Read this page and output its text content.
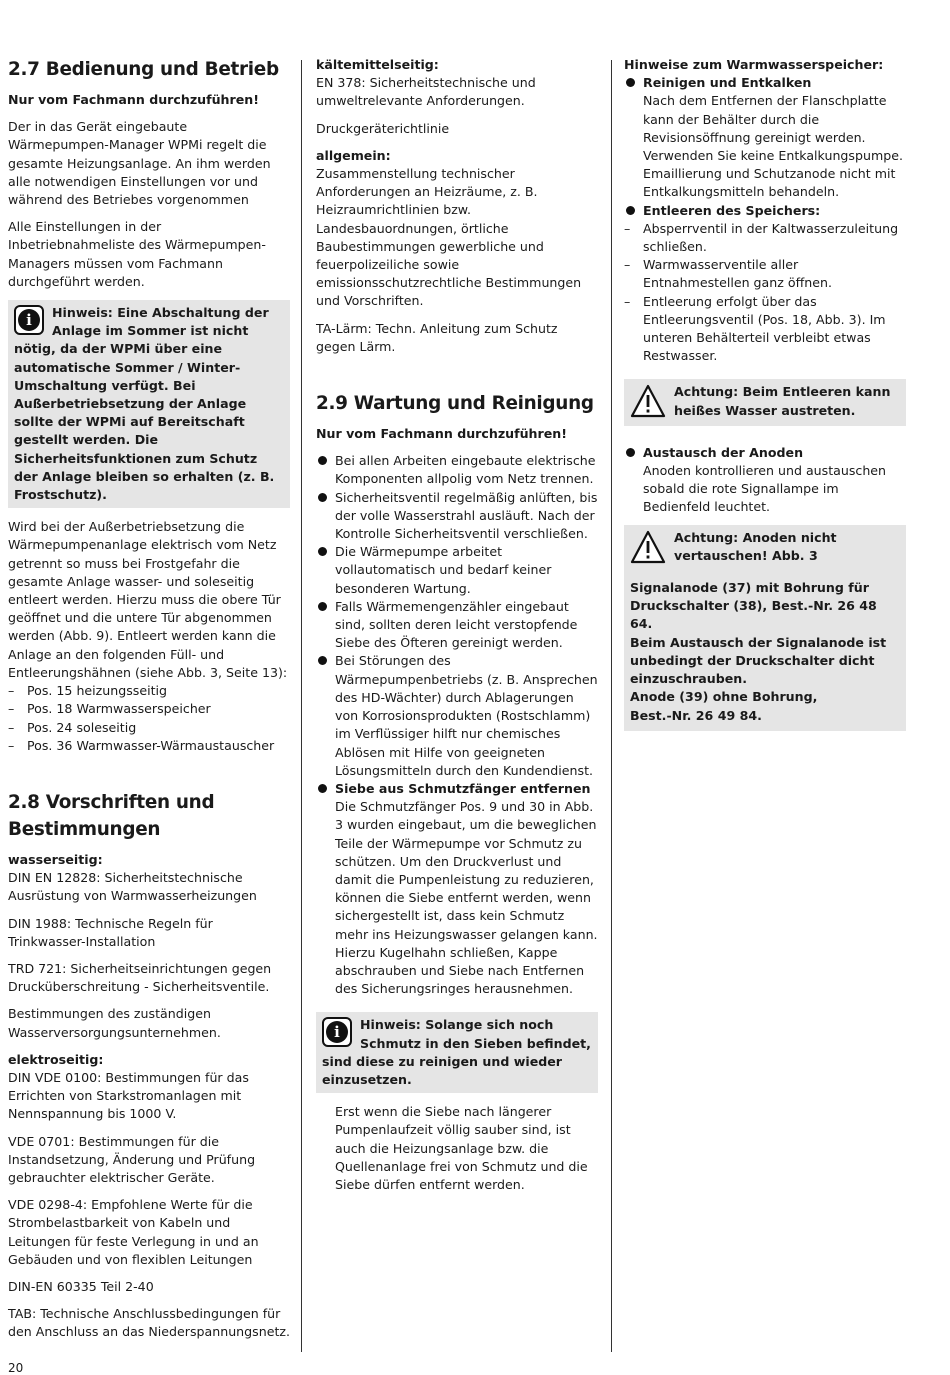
2.7 Bedienung und Betrieb

Nur vom Fachmann durchzuführen!

Der in das Gerät eingebaute Wärmepumpen-Manager WPMi regelt die gesamte Heizungsanlage. An ihm werden alle notwendigen Einstellungen vor und während des Betriebes vorgenommen

Alle Einstellungen in der Inbetriebnahmeliste des Wärmepumpen-Managers müssen vom Fachmann durchgeführt werden.

i	Hinweis: Eine Abschaltung der Anlage im Sommer ist nicht nötig, da der WPMi über eine automatische Sommer / Winter- Umschaltung verfügt. Bei Außerbetriebsetzung der Anlage sollte der WPMi auf Bereitschaft gestellt werden. Die Sicherheitsfunktionen zum Schutz der Anlage bleiben so erhalten (z. B. Frostschutz).

Wird bei der Außerbetriebsetzung die Wärmepumpenanlage elektrisch vom Netz getrennt so muss bei Frostgefahr die gesamte Anlage wasser- und soleseitig entleert werden. Hierzu muss die obere Tür geöffnet und die untere Tür abgenommen werden (Abb. 9). Entleert werden kann die Anlage an den folgenden Füll- und Entleerungshähnen (siehe Abb. 3, Seite 13):

– Pos. 15 heizungsseitig
– Pos. 18 Warmwasserspeicher
– Pos. 24 soleseitig
– Pos. 36 Warmwasser-Wärmaustauscher
2.8 Vorschriften und Bestimmungen

wasserseitig:

DIN EN 12828: Sicherheitstechnische Ausrüstung von Warmwasserheizungen

DIN 1988: Technische Regeln für Trinkwasser-Installation

TRD 721: Sicherheitseinrichtungen gegen Drucküberschreitung - Sicherheitsventile.

Bestimmungen des zuständigen Wasserversorgungsunternehmen.

elektroseitig:

DIN VDE 0100: Bestimmungen für das Errichten von Starkstromanlagen mit Nennspannung bis 1000 V.

VDE 0701: Bestimmungen für die Instandsetzung, Änderung und Prüfung gebrauchter elektrischer Geräte.

VDE 0298-4: Empfohlene Werte für die Strombelastbarkeit von Kabeln und Leitungen für feste Verlegung in und an Gebäuden und von flexiblen Leitungen

DIN-EN 60335 Teil 2-40

TAB: Technische Anschlussbedingungen für den Anschluss an das Niederspannungsnetz.

kältemittelseitig:

EN 378: Sicherheitstechnische und umweltrelevante Anforderungen.

Druckgeräterichtlinie

allgemein:

Zusammenstellung technischer Anforderungen an Heizräume, z. B. Heizraumrichtlinien bzw. Landesbauordnungen, örtliche Baubestimmungen gewerbliche und feuerpolizeiliche sowie emissionsschutzrechtliche Bestimmungen und Vorschriften.

TA-Lärm: Techn. Anleitung zum Schutz gegen Lärm.

2.9 Wartung und Reinigung

Nur vom Fachmann durchzuführen!

Bei allen Arbeiten eingebaute elektrische Komponenten allpolig vom Netz trennen.
Sicherheitsventil regelmäßig anlüften, bis der volle Wasserstrahl ausläuft. Nach der Kontrolle Sicherheitsventil verschließen.
Die Wärmepumpe arbeitet vollautomatisch und bedarf keiner besonderen Wartung.
Falls Wärmemengenzähler eingebaut sind, sollten deren leicht verstopfende Siebe des Öfteren gereinigt werden.
Bei Störungen des Wärmepumpenbetriebs (z. B. Ansprechen des HD-Wächter) durch Ablagerungen von Korrosionsprodukten (Rostschlamm) im Verflüssiger hilft nur chemisches Ablösen mit Hilfe von geeigneten Lösungsmitteln durch den Kundendienst.
Siebe aus Schmutzfänger entfernen
Die Schmutzfänger Pos. 9 und 30 in Abb. 3 wurden eingebaut, um die beweglichen Teile der Wärmepumpe vor Schmutz zu schützen. Um den Druckverlust und damit die Pumpenleistung zu reduzieren, können die Siebe entfernt werden, wenn sichergestellt ist, dass kein Schmutz mehr ins Heizungswasser gelangen kann. Hierzu Kugelhahn schließen, Kappe abschrauben und Siebe nach Entfernen des Sicherungsringes herausnehmen.
i	Hinweis: Solange sich noch Schmutz in den Sieben befindet, sind diese zu reinigen und wieder einzusetzen.

Erst wenn die Siebe nach längerer Pumpenlaufzeit völlig sauber sind, ist auch die Heizungsanlage bzw. die Quellenanlage frei von Schmutz und die Siebe dürfen entfernt werden.

Hinweise zum Warmwasserspeicher:

Reinigen und Entkalken
Nach dem Entfernen der Flanschplatte kann der Behälter durch die Revisionsöffnung gereinigt werden. Verwenden Sie keine Entkalkungspumpe. Emaillierung und Schutzanode nicht mit Entkalkungsmitteln behandeln.
Entleeren des Speichers:
– Absperrventil in der Kaltwasserzuleitung schließen.
– Warmwasserventile aller Entnahmestellen ganz öffnen.
– Entleerung erfolgt über das Entleerungsventil (Pos. 18, Abb. 3). Im unteren Behälterteil verbleibt etwas Restwasser.
Achtung: Beim Entleeren kann heißes Wasser austreten.
Austausch der Anoden
Anoden kontrollieren und austauschen sobald die rote Signallampe im Bedienfeld leuchtet.
Achtung: Anoden nicht vertauschen! Abb. 3
Signalanode (37) mit Bohrung für Druckschalter (38), Best.-Nr. 26 48 64.
Beim Austausch der Signalanode ist unbedingt der Druckschalter dicht einzuschrauben.
Anode (39) ohne Bohrung,
Best.-Nr. 26 49 84.
20
